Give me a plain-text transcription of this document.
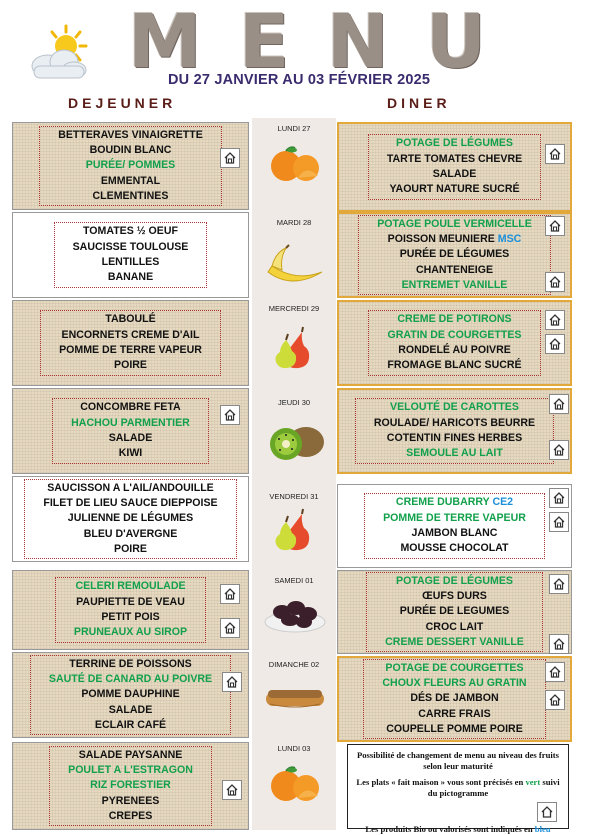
M E N U
DU 27 JANVIER AU 03 FÉVRIER 2025
DEJEUNER	DINER
BETTERAVES VINAIGRETTE
BOUDIN BLANC
PURÉE/ POMMES
EMMENTAL
CLEMENTINES
TOMATES ½ OEUF
SAUCISSE TOULOUSE
LENTILLES
BANANE
TABOULÉ
ENCORNETS CREME D'AIL
POMME DE TERRE VAPEUR
POIRE
CONCOMBRE FETA
HACHOU PARMENTIER
SALADE
KIWI
SAUCISSON A L'AIL/ANDOUILLE
FILET DE LIEU SAUCE DIEPPOISE
JULIENNE DE LÉGUMES
BLEU D'AVERGNE
POIRE
CELERI REMOULADE
PAUPIETTE DE VEAU
PETIT POIS
PRUNEAUX AU SIROP
TERRINE DE POISSONS
SAUTÉ DE CANARD AU POIVRE
POMME DAUPHINE
SALADE
ECLAIR CAFÉ
SALADE PAYSANNE
POULET A L'ESTRAGON
RIZ FORESTIER
PYRENEES
CREPES
POTAGE DE LÉGUMES
TARTE TOMATES CHEVRE
SALADE
YAOURT NATURE SUCRÉ
POTAGE POULE VERMICELLE
POISSON MEUNIERE MSC
PURÉE DE LÉGUMES
CHANTENEIGE
ENTREMET VANILLE
CREME DE POTIRONS
GRATIN DE COURGETTES
RONDELÉ AU POIVRE
FROMAGE BLANC SUCRÉ
VELOUTÉ DE CAROTTES
ROULADE/ HARICOTS BEURRE
COTENTIN FINES HERBES
SEMOULE AU LAIT
CREME DUBARRY CE2
POMME DE TERRE VAPEUR
JAMBON BLANC
MOUSSE CHOCOLAT
POTAGE DE LÉGUMES
ŒUFS DURS
PURÉE DE LEGUMES
CROC LAIT
CREME DESSERT VANILLE
POTAGE DE COURGETTES
CHOUX FLEURS AU GRATIN
DÉS DE JAMBON
CARRE FRAIS
COUPELLE POMME POIRE
LUNDI 27
MARDI 28
MERCREDI 29
JEUDI 30
VENDREDI 31
SAMEDI 01
DIMANCHE 02
LUNDI 03

Possibilité de changement de menu au niveau des fruits selon leur maturité

Les plats « fait maison » vous sont précisés en vert suivi du pictogramme

Les produits Bio ou valorisés sont indiqués en bleu
